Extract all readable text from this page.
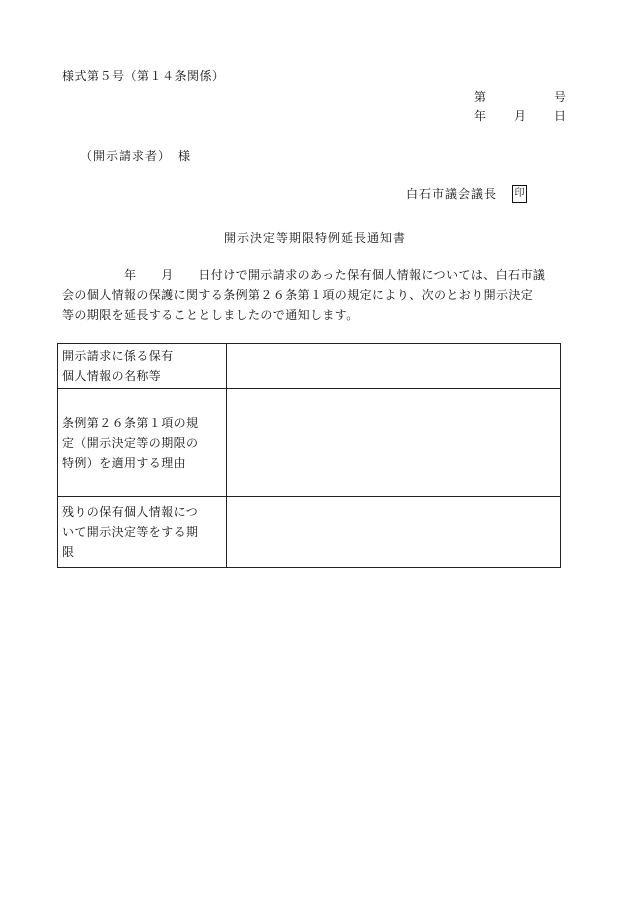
様式第５号（第１４条関係）
第	号
年 月 日
（開示請求者）　様
白石市議会議長 印
開示決定等期限特例延長通知書

　　　　　年　　月　　日付けで開示請求のあった保有個人情報については、白石市議

会の個人情報の保護に関する条例第２６条第１項の規定により、次のとおり開示決定

等の期限を延長することとしましたので通知します。

開示請求に係る保有
個人情報の名称等	

条例第２６条第１項の規
定（開示決定等の期限の
特例）を適用する理由	

残りの保有個人情報につ
いて開示決定等をする期
限	
